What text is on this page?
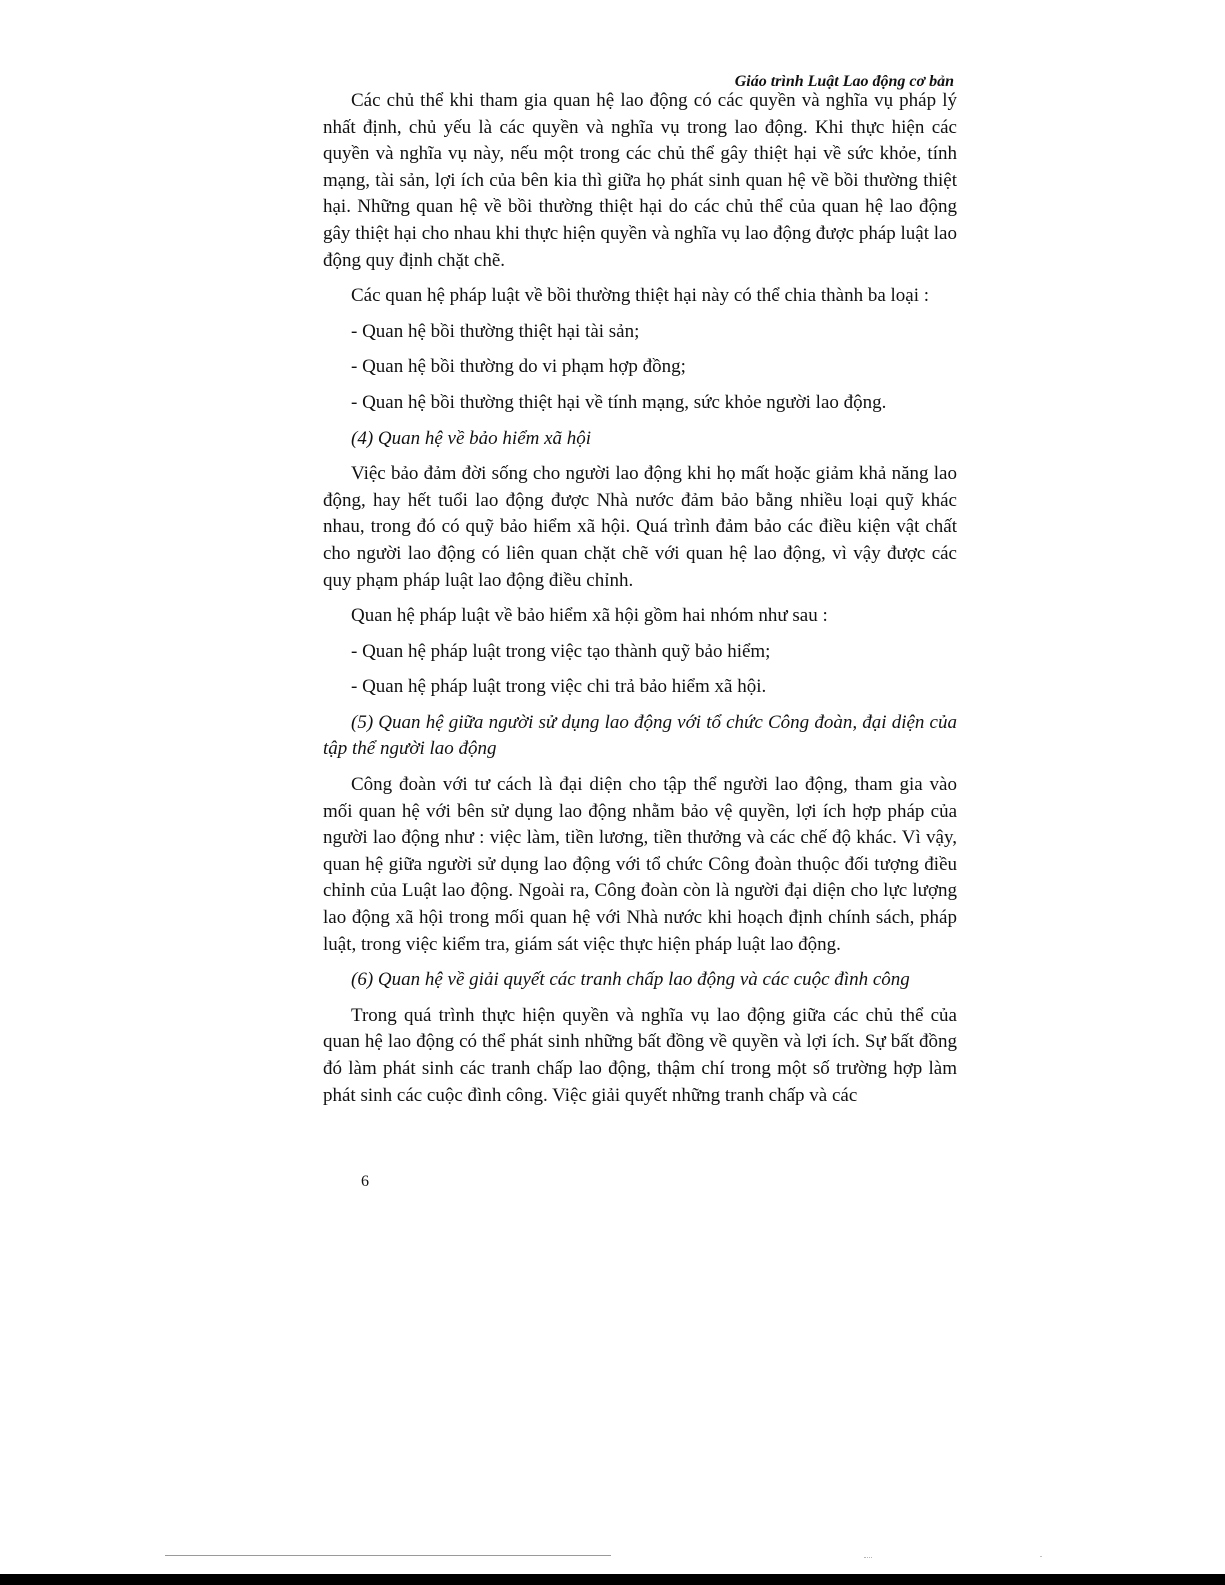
Giáo trình Luật Lao động cơ bản

Các chủ thể khi tham gia quan hệ lao động có các quyền và nghĩa vụ pháp lý nhất định, chủ yếu là các quyền và nghĩa vụ trong lao động. Khi thực hiện các quyền và nghĩa vụ này, nếu một trong các chủ thể gây thiệt hại về sức khỏe, tính mạng, tài sản, lợi ích của bên kia thì giữa họ phát sinh quan hệ về bồi thường thiệt hại. Những quan hệ về bồi thường thiệt hại do các chủ thể của quan hệ lao động gây thiệt hại cho nhau khi thực hiện quyền và nghĩa vụ lao động được pháp luật lao động quy định chặt chẽ.

Các quan hệ pháp luật về bồi thường thiệt hại này có thể chia thành ba loại :

- Quan hệ bồi thường thiệt hại tài sản;

- Quan hệ bồi thường do vi phạm hợp đồng;

- Quan hệ bồi thường thiệt hại về tính mạng, sức khỏe người lao động.

(4) Quan hệ về bảo hiểm xã hội

Việc bảo đảm đời sống cho người lao động khi họ mất hoặc giảm khả năng lao động, hay hết tuổi lao động được Nhà nước đảm bảo bằng nhiều loại quỹ khác nhau, trong đó có quỹ bảo hiểm xã hội. Quá trình đảm bảo các điều kiện vật chất cho người lao động có liên quan chặt chẽ với quan hệ lao động, vì vậy được các quy phạm pháp luật lao động điều chỉnh.

Quan hệ pháp luật về bảo hiểm xã hội gồm hai nhóm như sau :

- Quan hệ pháp luật trong việc tạo thành quỹ bảo hiểm;

- Quan hệ pháp luật trong việc chi trả bảo hiểm xã hội.

(5) Quan hệ giữa người sử dụng lao động với tổ chức Công đoàn, đại diện của tập thể người lao động

Công đoàn với tư cách là đại diện cho tập thể người lao động, tham gia vào mối quan hệ với bên sử dụng lao động nhằm bảo vệ quyền, lợi ích hợp pháp của người lao động như : việc làm, tiền lương, tiền thưởng và các chế độ khác. Vì vậy, quan hệ giữa người sử dụng lao động với tổ chức Công đoàn thuộc đối tượng điều chỉnh của Luật lao động. Ngoài ra, Công đoàn còn là người đại diện cho lực lượng lao động xã hội trong mối quan hệ với Nhà nước khi hoạch định chính sách, pháp luật, trong việc kiểm tra, giám sát việc thực hiện pháp luật lao động.

(6) Quan hệ về giải quyết các tranh chấp lao động và các cuộc đình công

Trong quá trình thực hiện quyền và nghĩa vụ lao động giữa các chủ thể của quan hệ lao động có thể phát sinh những bất đồng về quyền và lợi ích. Sự bất đồng đó làm phát sinh các tranh chấp lao động, thậm chí trong một số trường hợp làm phát sinh các cuộc đình công. Việc giải quyết những tranh chấp và các

6
